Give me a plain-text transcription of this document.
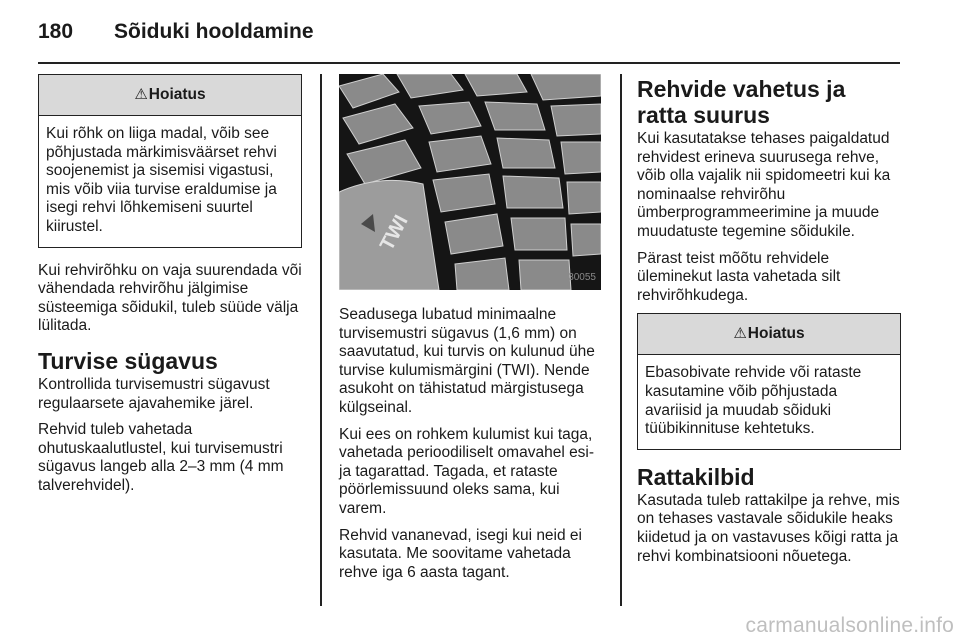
180	Sõiduki hooldamine
⚠ Hoiatus

Kui rõhk on liiga madal, võib see põhjustada märkimisväärset rehvi soojenemist ja sisemisi vigastusi, mis võib viia turvise eraldumise ja isegi rehvi lõhkemiseni suurtel kiirustel.

Kui rehvirõhku on vaja suurendada või vähendada rehvirõhu jälgimise süsteemiga sõidukil, tuleb süüde välja lülitada.

Turvise sügavus

Kontrollida turvisemustri sügavust regulaarsete ajavahemike järel.

Rehvid tuleb vahetada ohutuskaalutlustel, kui turvisemustri sügavus langeb alla 2–3 mm (4 mm talverehvidel).

TWI
30055

Seadusega lubatud minimaalne turvisemustri sügavus (1,6 mm) on saavutatud, kui turvis on kulunud ühe turvise kulumismärgini (TWI). Nende asukoht on tähistatud märgistusega külgseinal.

Kui ees on rohkem kulumist kui taga, vahetada perioodiliselt omavahel esi- ja tagarattad. Tagada, et rataste pöörlemissuund oleks sama, kui varem.

Rehvid vananevad, isegi kui neid ei kasutata. Me soovitame vahetada rehve iga 6 aasta tagant.

Rehvide vahetus ja ratta suurus

Kui kasutatakse tehases paigaldatud rehvidest erineva suurusega rehve, võib olla vajalik nii spidomeetri kui ka nominaalse rehvirõhu ümberprogrammeerimine ja muude muudatuste tegemine sõidukile.

Pärast teist mõõtu rehvidele üleminekut lasta vahetada silt rehvirõhkudega.

⚠ Hoiatus

Ebasobivate rehvide või rataste kasutamine võib põhjustada avariisid ja muudab sõiduki tüübikinnituse kehtetuks.

Rattakilbid

Kasutada tuleb rattakilpe ja rehve, mis on tehases vastavale sõidukile heaks kiidetud ja on vastavuses kõigi ratta ja rehvi kombinatsiooni nõuetega.

carmanualsonline.info
